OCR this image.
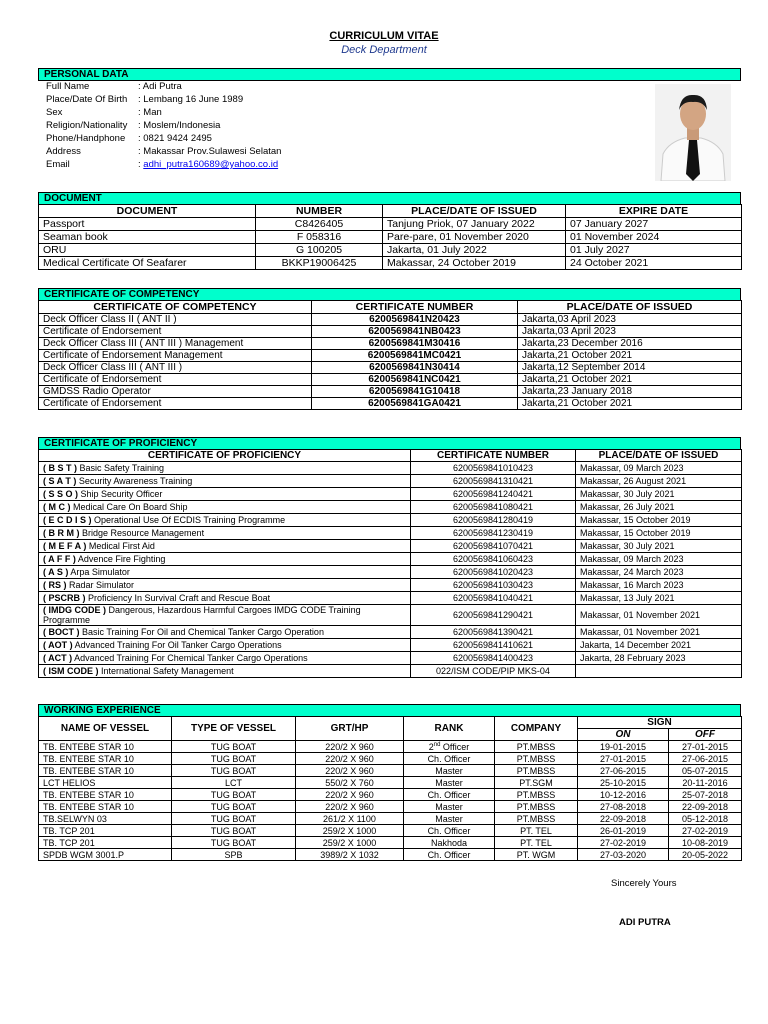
CURRICULUM VITAE
Deck Department
PERSONAL DATA
Full Name	: Adi Putra
Place/Date Of Birth : Lembang 16 June 1989
Sex	: Man
Religion/Nationality : Moslem/Indonesia
Phone/Handphone : 0821 9424 2495
Address	: Makassar Prov.Sulawesi Selatan
Email	: adhi_putra160689@yahoo.co.id
DOCUMENT
DOCUMENT	NUMBER	PLACE/DATE OF ISSUED	EXPIRE DATE
Passport	C8426405	Tanjung Priok, 07 January 2022	07 January 2027
Seaman book	F 058316	Pare-pare, 01 November 2020	01 November 2024
ORU	G 100205	Jakarta, 01 July 2022	01 July 2027
Medical Certificate Of Seafarer	BKKP19006425	Makassar, 24 October 2019	24 October 2021
CERTIFICATE OF COMPETENCY
CERTIFICATE OF COMPETENCY	CERTIFICATE NUMBER	PLACE/DATE OF ISSUED
Deck Officer Class II ( ANT II )	6200569841N20423	Jakarta,03 April 2023
Certificate of Endorsement	6200569841NB0423	Jakarta,03 April 2023
Deck Officer Class III ( ANT III ) Management	6200569841M30416	Jakarta,23 December 2016
Certificate of Endorsement Management	6200569841MC0421	Jakarta,21 October 2021
Deck Officer Class III ( ANT III )	6200569841N30414	Jakarta,12 September 2014
Certificate of Endorsement	6200569841NC0421	Jakarta,21 October 2021
GMDSS Radio Operator	6200569841G10418	Jakarta,23 January 2018
Certificate of Endorsement	6200569841GA0421	Jakarta,21 October 2021
CERTIFICATE OF PROFICIENCY
CERTIFICATE OF PROFICIENCY	CERTIFICATE NUMBER	PLACE/DATE OF ISSUED
( B S T ) Basic Safety Training	6200569841010423	Makassar, 09 March 2023
( S A T ) Security Awareness Training	6200569841310421	Makassar, 26 August 2021
( S S O ) Ship Security Officer	6200569841240421	Makassar, 30 July 2021
( M C ) Medical Care On Board Ship	6200569841080421	Makassar, 26 July 2021
( E C D I S ) Operational Use Of ECDIS Training Programme	6200569841280419	Makassar, 15 October 2019
( B R M ) Bridge Resource Management	6200569841230419	Makassar, 15 October 2019
( M E F A ) Medical First Aid	6200569841070421	Makassar, 30 July 2021
( A F F ) Advence Fire Fighting	6200569841060423	Makassar, 09 March 2023
( A S ) Arpa Simulator	6200569841020423	Makassar, 24 March 2023
( RS ) Radar Simulator	6200569841030423	Makassar, 16 March 2023
( PSCRB ) Proficiency In Survival Craft and Rescue Boat	6200569841040421	Makassar, 13 July 2021
( IMDG CODE ) Dangerous, Hazardous Harmful Cargoes IMDG CODE Training Programme	6200569841290421	Makassar, 01 November 2021
( BOCT ) Basic Training For Oil and Chemical Tanker Cargo Operation	6200569841390421	Makassar, 01 November 2021
( AOT ) Advanced Training For Oil Tanker Cargo Operations	6200569841410621	Jakarta, 14 December 2021
( ACT ) Advanced Training For Chemical Tanker Cargo Operations	6200569841400423	Jakarta, 28 February 2023
( ISM CODE ) International Safety Management	022/ISM CODE/PIP MKS-04	
WORKING EXPERIENCE
NAME OF VESSEL	TYPE OF VESSEL	GRT/HP	RANK	COMPANY	SIGN	
					ON	OFF
TB. ENTEBE STAR 10	TUG BOAT	220/2 X 960	2nd Officer	PT.MBSS	19-01-2015	27-01-2015
TB. ENTEBE STAR 10	TUG BOAT	220/2 X 960	Ch. Officer	PT.MBSS	27-01-2015	27-06-2015
TB. ENTEBE STAR 10	TUG BOAT	220/2 X 960	Master	PT.MBSS	27-06-2015	05-07-2015
LCT HELIOS	LCT	550/2 X 760	Master	PT.SGM	25-10-2015	20-11-2016
TB. ENTEBE STAR 10	TUG BOAT	220/2 X 960	Ch. Officer	PT.MBSS	10-12-2016	25-07-2018
TB. ENTEBE STAR 10	TUG BOAT	220/2 X 960	Master	PT.MBSS	27-08-2018	22-09-2018
TB.SELWYN 03	TUG BOAT	261/2 X 1100	Master	PT.MBSS	22-09-2018	05-12-2018
TB. TCP 201	TUG BOAT	259/2 X 1000	Ch. Officer	PT. TEL	26-01-2019	27-02-2019
TB. TCP 201	TUG BOAT	259/2 X 1000	Nakhoda	PT. TEL	27-02-2019	10-08-2019
SPDB WGM 3001.P	SPB	3989/2 X 1032	Ch. Officer	PT. WGM	27-03-2020	20-05-2022
Sincerely Yours
ADI PUTRA
